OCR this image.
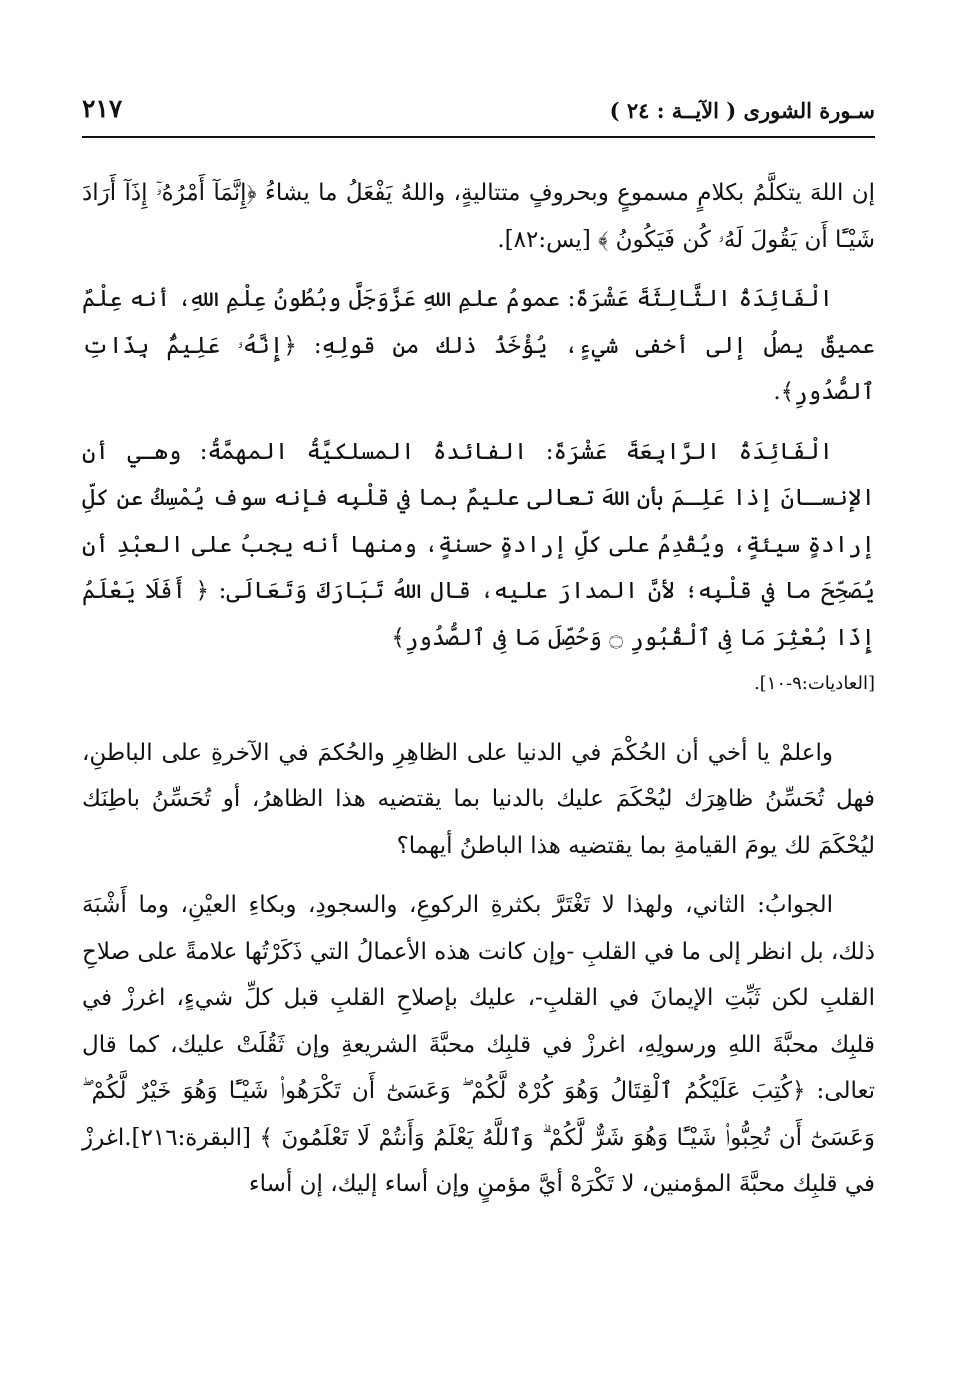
سـورة الشورى ( الآيــة : ٢٤ )
٢١٧

إن اللهَ يتكلَّمُ بكلامٍ مسموعٍ وبحروفٍ متتاليةٍ، واللهُ يَفْعَلُ ما يشاءُ ﴿إِنَّمَآ أَمْرُهُۥٓ إِذَآ أَرَادَ شَيْـًٔا أَن يَقُولَ لَهُۥ كُن فَيَكُونُ ﴾ [يس:٨٢].

الْفَائِدَةُ الثَّالِثَةَ عَشْرَةَ: عمومُ علمِ اللهِ عَزَّوَجَلَّ وبُطُونُ عِلْمِ اللهِ، أنه عِلْمٌ عميقٌ يصلُ إلى أخفى شيءٍ، يُؤْخَذُ ذلك من قولِهِ: ﴿إِنَّهُۥ عَلِيمٌۢ بِذَاتِ ٱلصُّدُورِ﴾.

الْفَائِدَةُ الرَّابِعَةَ عَشْرَةَ: الفائدةُ المسلكيَّةُ المهمَّةُ: وهـي أن الإنسـانَ إذا عَلِـمَ بأن اللهَ تعالى عليمٌ بما في قلْبِه فإنه سوف يُمْسِكُ عن كلِّ إرادةٍ سيئةٍ، ويُقْدِمُ على كلِّ إرادةٍ حسنةٍ، ومنها أنه يجبُ على العبْدِ أن يُصَحِّحَ ما في قلْبِه؛ لأنَّ المدارَ عليه، قال اللهُ تَبَارَكَ وَتَعَالَى: ﴿ أَفَلَا يَعْلَمُ إِذَا بُعْثِرَ مَا فِى ٱلْقُبُورِ ۝ وَحُصِّلَ مَا فِى ٱلصُّدُورِ﴾

[العاديات:٩-١٠].

واعلمْ يا أخي أن الحُكْمَ في الدنيا على الظاهِرِ والحُكمَ في الآخرةِ على الباطنِ، فهل تُحَسِّنُ ظاهِرَك ليُحْكَمَ عليك بالدنيا بما يقتضيه هذا الظاهرُ، أو تُحَسِّنُ باطِنَك ليُحْكَمَ لك يومَ القيامةِ بما يقتضيه هذا الباطنُ أيهما؟

الجوابُ: الثاني، ولهذا لا تَغْتَرَّ بكثرةِ الركوعِ، والسجودِ، وبكاءِ العيْنِ، وما أَشْبَهَ ذلك، بل انظر إلى ما في القلبِ -وإن كانت هذه الأعمالُ التي ذَكَرْتُها علامةً على صلاحِ القلبِ لكن ثَبِّتِ الإيمانَ في القلبِ-، عليك بإصلاحِ القلبِ قبل كلِّ شيءٍ، اغرزْ في قلبِك محبَّةَ اللهِ ورسولِهِ، اغرزْ في قلبِك محبَّةَ الشريعةِ وإن ثَقُلَتْ عليك، كما قال تعالى: ﴿كُتِبَ عَلَيْكُمُ ٱلْقِتَالُ وَهُوَ كُرْهٌ لَّكُمْ ۖ وَعَسَىٰٓ أَن تَكْرَهُوا۟ شَيْـًٔا وَهُوَ خَيْرٌ لَّكُمْ ۖ وَعَسَىٰٓ أَن تُحِبُّوا۟ شَيْـًٔا وَهُوَ شَرٌّ لَّكُمْ ۗ وَٱللَّهُ يَعْلَمُ وَأَنتُمْ لَا تَعْلَمُونَ ﴾ [البقرة:٢١٦].اغرزْ في قلبِك محبَّةَ المؤمنين، لا تَكْرَهْ أيَّ مؤمنٍ وإن أساء إليك، إن أساء
